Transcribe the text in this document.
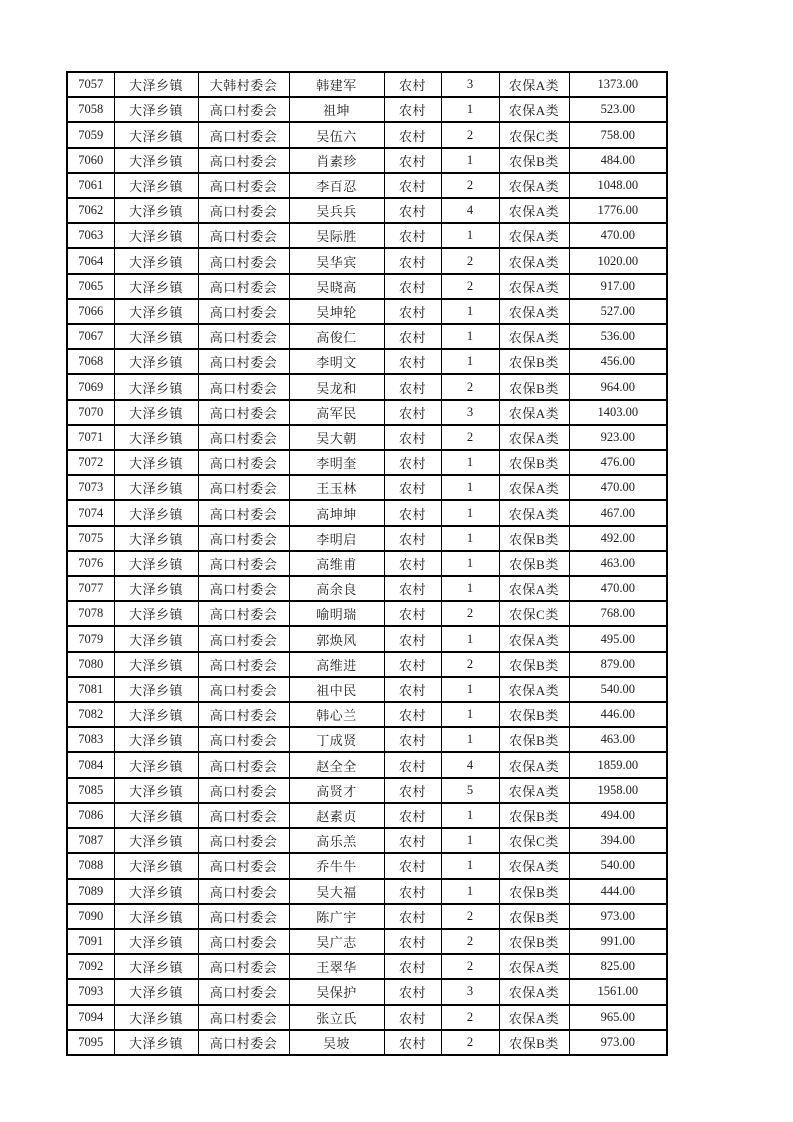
7057	大泽乡镇	大韩村委会	韩建军	农村	3	农保A类	1373.00
7058	大泽乡镇	高口村委会	祖坤	农村	1	农保A类	523.00
7059	大泽乡镇	高口村委会	吴伍六	农村	2	农保C类	758.00
7060	大泽乡镇	高口村委会	肖素珍	农村	1	农保B类	484.00
7061	大泽乡镇	高口村委会	李百忍	农村	2	农保A类	1048.00
7062	大泽乡镇	高口村委会	吴兵兵	农村	4	农保A类	1776.00
7063	大泽乡镇	高口村委会	吴际胜	农村	1	农保A类	470.00
7064	大泽乡镇	高口村委会	吴华宾	农村	2	农保A类	1020.00
7065	大泽乡镇	高口村委会	吴晓高	农村	2	农保A类	917.00
7066	大泽乡镇	高口村委会	吴坤轮	农村	1	农保A类	527.00
7067	大泽乡镇	高口村委会	高俊仁	农村	1	农保A类	536.00
7068	大泽乡镇	高口村委会	李明文	农村	1	农保B类	456.00
7069	大泽乡镇	高口村委会	吴龙和	农村	2	农保B类	964.00
7070	大泽乡镇	高口村委会	高军民	农村	3	农保A类	1403.00
7071	大泽乡镇	高口村委会	吴大朝	农村	2	农保A类	923.00
7072	大泽乡镇	高口村委会	李明奎	农村	1	农保B类	476.00
7073	大泽乡镇	高口村委会	王玉林	农村	1	农保A类	470.00
7074	大泽乡镇	高口村委会	高坤坤	农村	1	农保A类	467.00
7075	大泽乡镇	高口村委会	李明启	农村	1	农保B类	492.00
7076	大泽乡镇	高口村委会	高维甫	农村	1	农保B类	463.00
7077	大泽乡镇	高口村委会	高余良	农村	1	农保A类	470.00
7078	大泽乡镇	高口村委会	喻明瑞	农村	2	农保C类	768.00
7079	大泽乡镇	高口村委会	郭焕风	农村	1	农保A类	495.00
7080	大泽乡镇	高口村委会	高维进	农村	2	农保B类	879.00
7081	大泽乡镇	高口村委会	祖中民	农村	1	农保A类	540.00
7082	大泽乡镇	高口村委会	韩心兰	农村	1	农保B类	446.00
7083	大泽乡镇	高口村委会	丁成贤	农村	1	农保B类	463.00
7084	大泽乡镇	高口村委会	赵全全	农村	4	农保A类	1859.00
7085	大泽乡镇	高口村委会	高贤才	农村	5	农保A类	1958.00
7086	大泽乡镇	高口村委会	赵素贞	农村	1	农保B类	494.00
7087	大泽乡镇	高口村委会	高乐羔	农村	1	农保C类	394.00
7088	大泽乡镇	高口村委会	乔牛牛	农村	1	农保A类	540.00
7089	大泽乡镇	高口村委会	吴大福	农村	1	农保B类	444.00
7090	大泽乡镇	高口村委会	陈广宇	农村	2	农保B类	973.00
7091	大泽乡镇	高口村委会	吴广志	农村	2	农保B类	991.00
7092	大泽乡镇	高口村委会	王翠华	农村	2	农保A类	825.00
7093	大泽乡镇	高口村委会	吴保护	农村	3	农保A类	1561.00
7094	大泽乡镇	高口村委会	张立氏	农村	2	农保A类	965.00
7095	大泽乡镇	高口村委会	吴坡	农村	2	农保B类	973.00
